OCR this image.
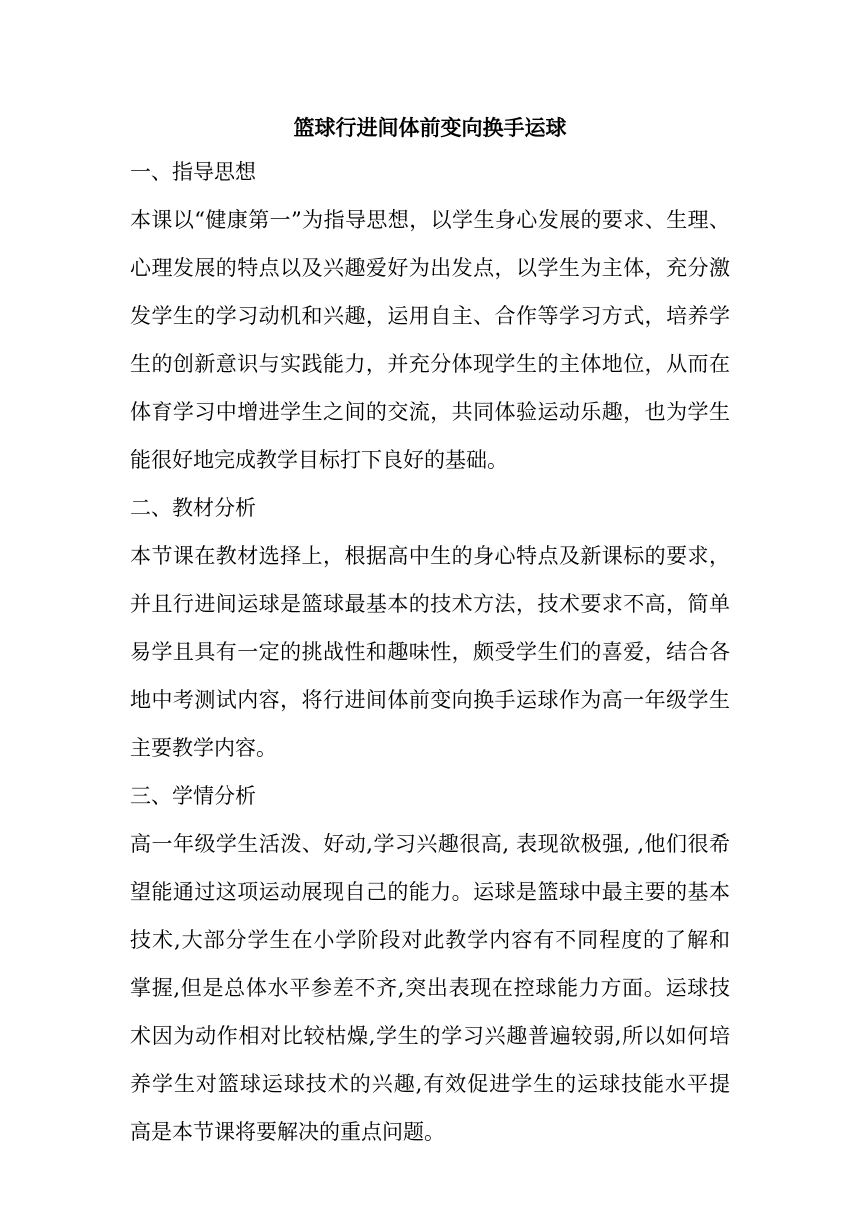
篮球行进间体前变向换手运球
一、指导思想
本课以“健康第一”为指导思想，以学生身心发展的要求、生理、
心理发展的特点以及兴趣爱好为出发点，以学生为主体，充分激
发学生的学习动机和兴趣，运用自主、合作等学习方式，培养学
生的创新意识与实践能力，并充分体现学生的主体地位，从而在
体育学习中增进学生之间的交流，共同体验运动乐趣，也为学生
能很好地完成教学目标打下良好的基础。
二、教材分析
本节课在教材选择上，根据高中生的身心特点及新课标的要求，
并且行进间运球是篮球最基本的技术方法，技术要求不高，简单
易学且具有一定的挑战性和趣味性，颇受学生们的喜爱，结合各
地中考测试内容，将行进间体前变向换手运球作为高一年级学生
主要教学内容。
三、学情分析
高一年级学生活泼、好动,学习兴趣很高, 表现欲极强, ,他们很希
望能通过这项运动展现自己的能力。运球是篮球中最主要的基本
技术,大部分学生在小学阶段对此教学内容有不同程度的了解和
掌握,但是总体水平参差不齐,突出表现在控球能力方面。运球技
术因为动作相对比较枯燥,学生的学习兴趣普遍较弱,所以如何培
养学生对篮球运球技术的兴趣,有效促进学生的运球技能水平提
高是本节课将要解决的重点问题。
